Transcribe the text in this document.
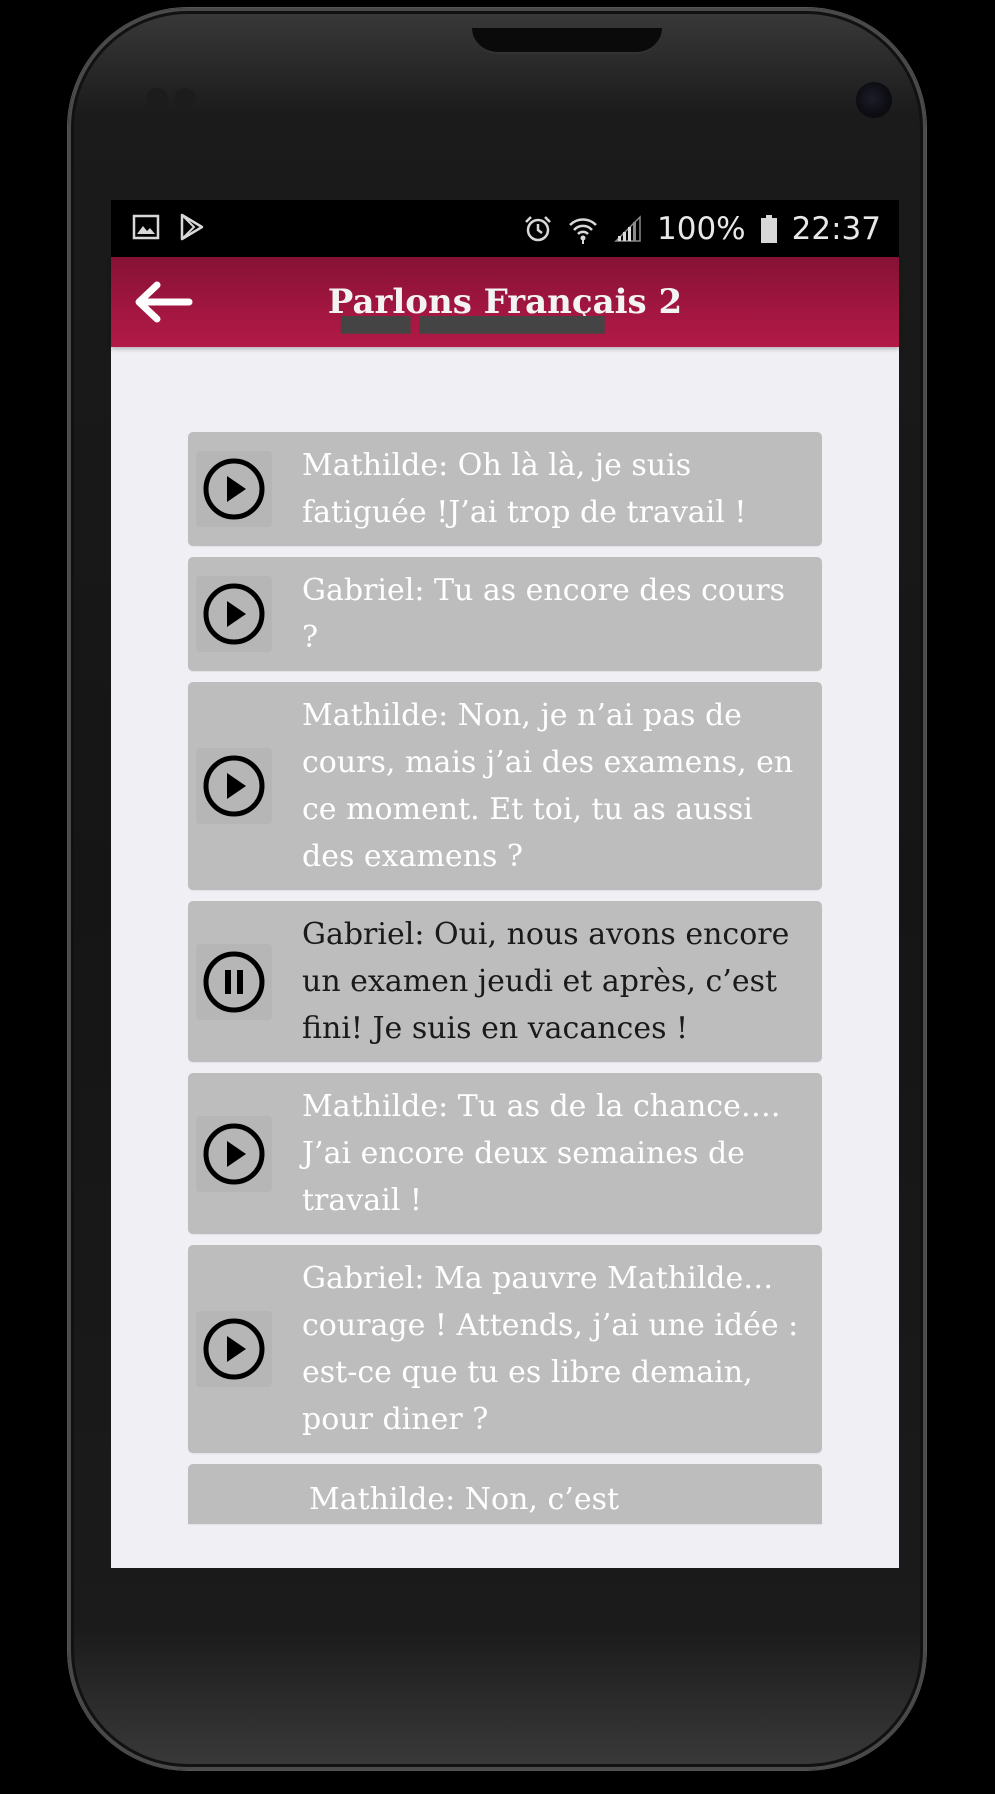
100% 22:37
Parlons Français 2
▀▀▀ ▀▀▀▀▀▀▀▀
Mathilde: Oh là là, je suis fatiguée !J’ai trop de travail !
Gabriel: Tu as encore des cours ?
Mathilde: Non, je n’ai pas de cours, mais j’ai des examens, en ce moment. Et toi, tu as aussi des examens ?
Gabriel: Oui, nous avons encore un examen jeudi et après, c’est fini! Je suis en vacances !
Mathilde: Tu as de la chance…. J’ai encore deux semaines de travail !
Gabriel: Ma pauvre Mathilde… courage ! Attends, j’ai une idée : est-ce que tu es libre demain, pour diner ?
Mathilde: Non, c’est
